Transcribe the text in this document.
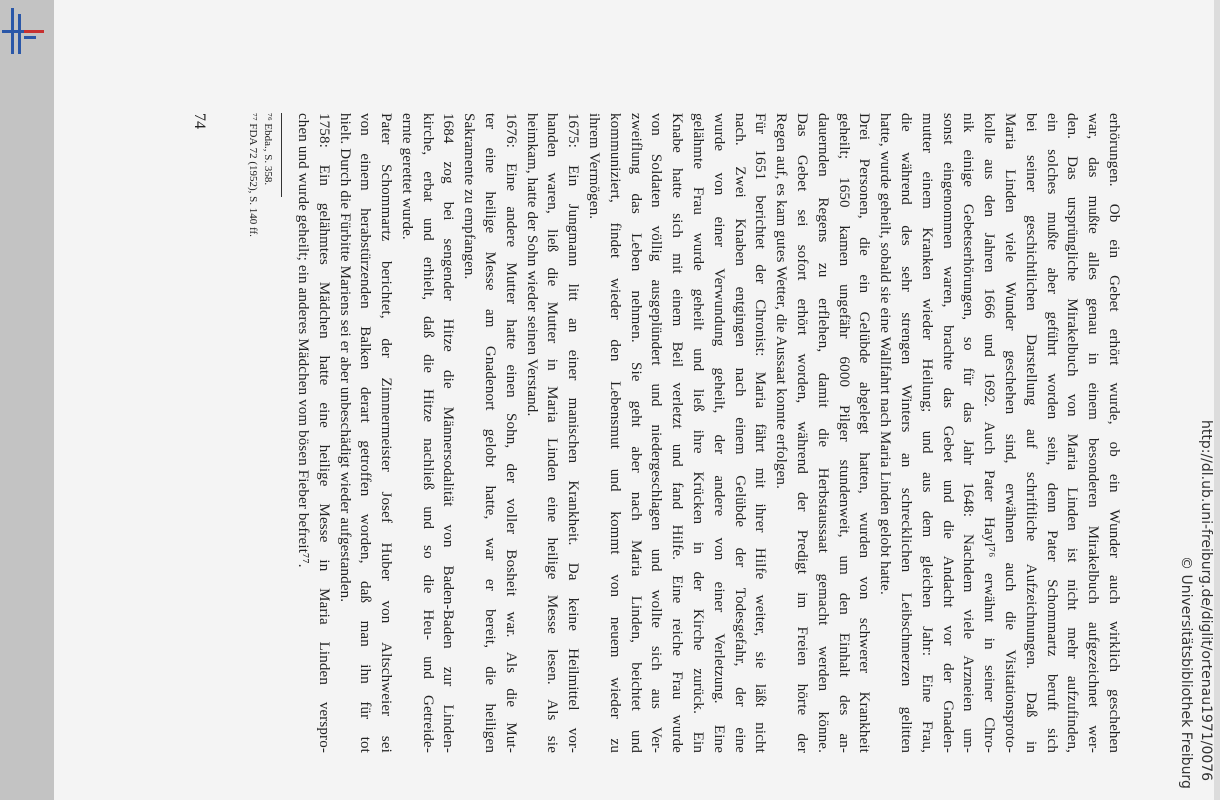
erhörungen. Ob ein Gebet erhört wurde, ob ein Wunder auch wirklich geschehen
war, das mußte alles genau in einem besonderen Mirakelbuch aufgezeichnet wer-
den. Das ursprüngliche Mirakelbuch von Maria Linden ist nicht mehr aufzufinden,
ein solches mußte aber geführt worden sein, denn Pater Schommartz beruft sich
bei seiner geschichtlichen Darstellung auf schriftliche Aufzeichnungen. Daß in
Maria Linden viele Wunder geschehen sind, erwähnen auch die Visitationsproto-
kolle aus den Jahren 1666 und 1692. Auch Pater Hayl⁷⁶ erwähnt in seiner Chro-
nik einige Gebetserhörungen, so für das Jahr 1648: Nachdem viele Arzneien um-
sonst eingenommen waren, brachte das Gebet und die Andacht vor der Gnaden-
mutter einem Kranken wieder Heilung; und aus dem gleichen Jahr: Eine Frau,
die während des sehr strengen Winters an schrecklichen Leibschmerzen gelitten
hatte, wurde geheilt, sobald sie eine Wallfahrt nach Maria Linden gelobt hatte.
Drei Personen, die ein Gelübde abgelegt hatten, wurden von schwerer Krankheit
geheilt; 1650 kamen ungefähr 6000 Pilger stundenweit, um den Einhalt des an-
dauernden Regens zu erflehen, damit die Herbstaussaat gemacht werden könne.
Das Gebet sei sofort erhört worden, während der Predigt im Freien hörte der
Regen auf, es kam gutes Wetter, die Aussaat konnte erfolgen.
Für 1651 berichtet der Chronist: Maria fährt mit ihrer Hilfe weiter, sie läßt nicht
nach. Zwei Knaben entgingen nach einem Gelübde der Todesgefahr, der eine
wurde von einer Verwundung geheilt, der andere von einer Verletzung. Eine
gelähmte Frau wurde geheilt und ließ ihre Krücken in der Kirche zurück. Ein
Knabe hatte sich mit einem Beil verletzt und fand Hilfe. Eine reiche Frau wurde
von Soldaten völlig ausgeplündert und niedergeschlagen und wollte sich aus Ver-
zweiflung das Leben nehmen. Sie geht aber nach Maria Linden, beichtet und
kommuniziert, findet wieder den Lebensmut und kommt von neuem wieder zu
ihrem Vermögen.
1675: Ein Jungmann litt an einer manischen Krankheit. Da keine Heilmittel vor-
handen waren, ließ die Mutter in Maria Linden eine heilige Messe lesen. Als sie
heimkam, hatte der Sohn wieder seinen Verstand.
1676: Eine andere Mutter hatte einen Sohn, der voller Bosheit war. Als die Mut-
ter eine heilige Messe am Gnadenort gelobt hatte, war er bereit, die heiligen
Sakramente zu empfangen.
1684 zog bei sengender Hitze die Männersodalität von Baden-Baden zur Linden-
kirche, erbat und erhielt, daß die Hitze nachließ und so die Heu- und Getreide-
ernte gerettet wurde.
Pater Schommartz berichtet, der Zimmermeister Josef Huber von Altschweier sei
von einem herabstürzenden Balken derart getroffen worden, daß man ihn für tot
hielt. Durch die Fürbitte Mariens sei er aber unbeschädigt wieder aufgestanden.
1758: Ein gelähmtes Mädchen hatte eine heilige Messe in Maria Linden verspro-
chen und wurde geheilt; ein anderes Mädchen vom bösen Fieber befreit⁷⁷.
⁷⁶ Ebda., S. 358.
⁷⁷ FDA 72 (1952), S. 140 ff.
74
http://dl.ub.uni-freiburg.de/diglit/ortenau1971/0076
© Universitätsbibliothek Freiburg
